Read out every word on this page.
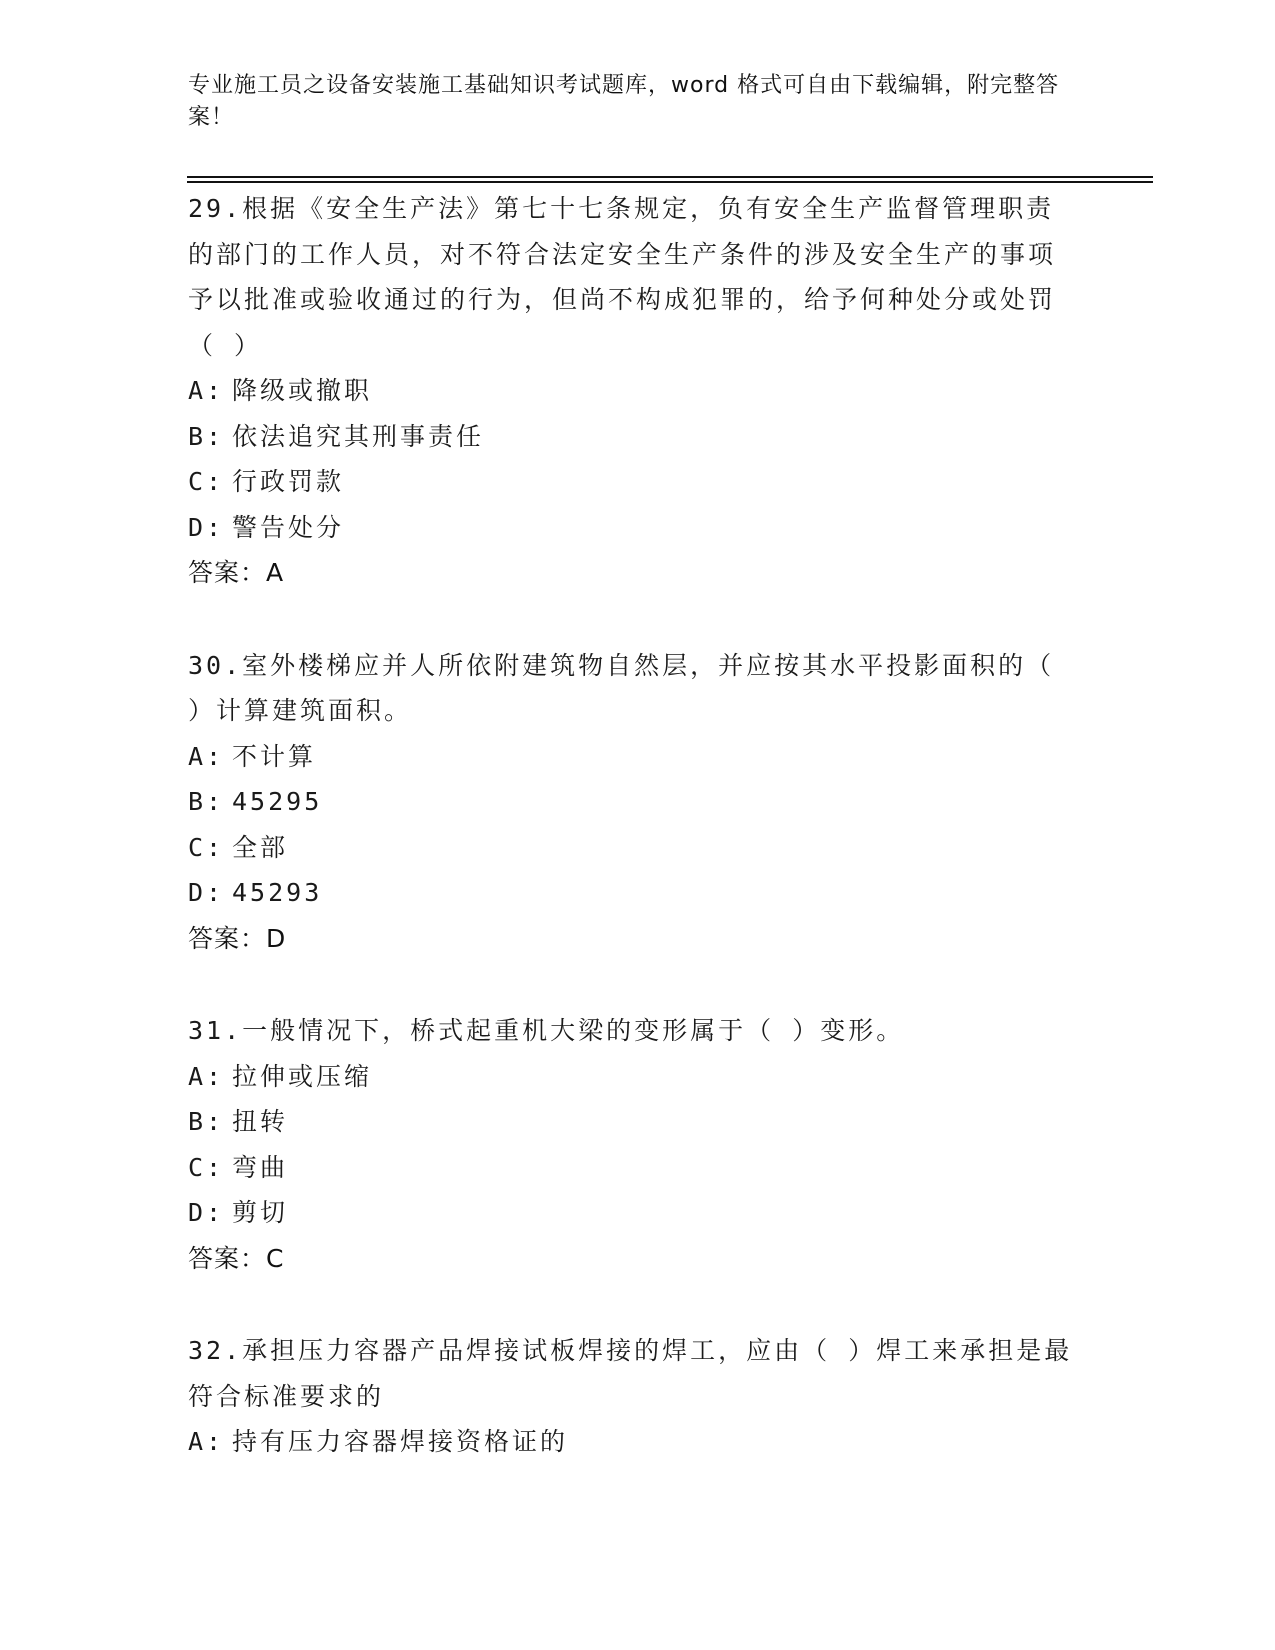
专业施工员之设备安装施工基础知识考试题库，word 格式可自由下载编辑，附完整答案！
29.根据《安全生产法》第七十七条规定，负有安全生产监督管理职责的部门的工作人员，对不符合法定安全生产条件的涉及安全生产的事项予以批准或验收通过的行为，但尚不构成犯罪的，给予何种处分或处罚（ ）
A: 降级或撤职
B: 依法追究其刑事责任
C: 行政罚款
D: 警告处分
答案：A
30.室外楼梯应并人所依附建筑物自然层，并应按其水平投影面积的（ ）计算建筑面积。
A: 不计算
B: 45295
C: 全部
D: 45293
答案：D
31.一般情况下，桥式起重机大梁的变形属于（ ）变形。
A: 拉伸或压缩
B: 扭转
C: 弯曲
D: 剪切
答案：C
32.承担压力容器产品焊接试板焊接的焊工，应由（ ）焊工来承担是最符合标准要求的
A: 持有压力容器焊接资格证的
